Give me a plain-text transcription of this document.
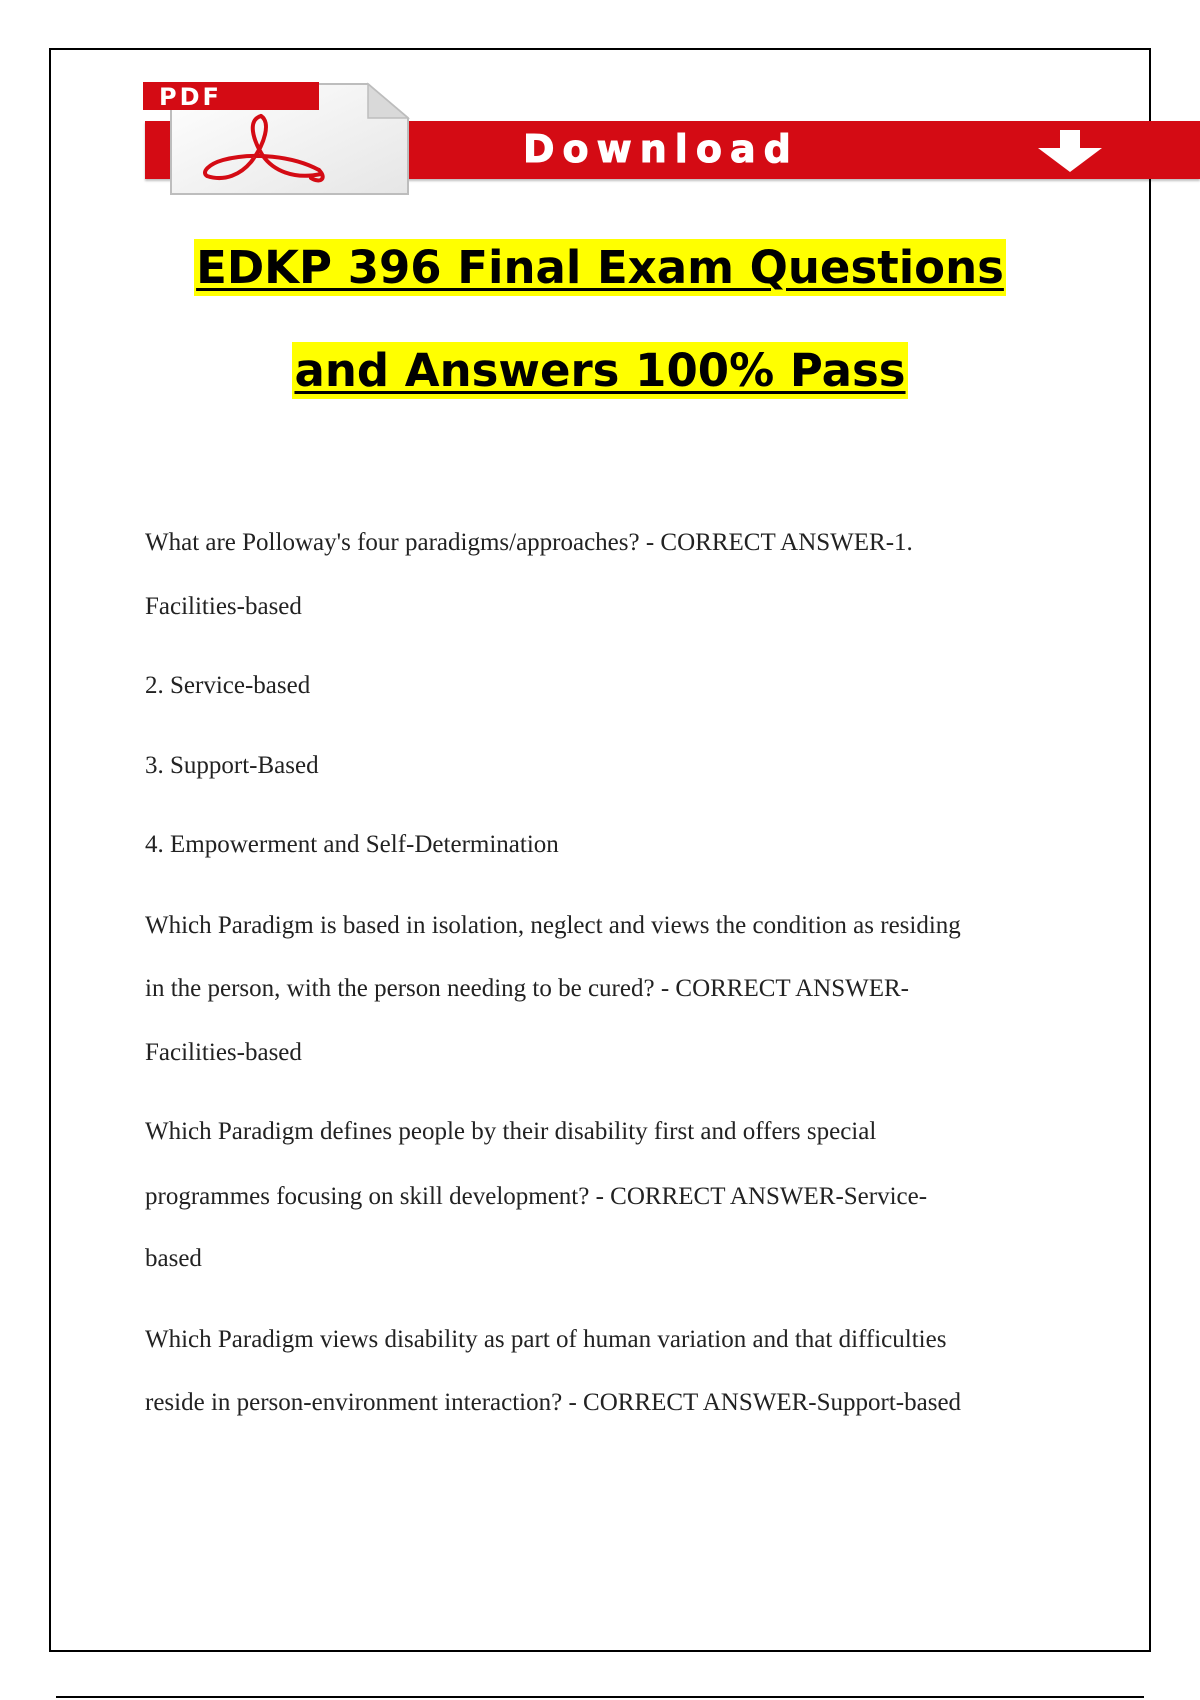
Download
PDF
EDKP 396 Final Exam Questions
and Answers 100% Pass
What are Polloway's four paradigms/approaches? - CORRECT ANSWER-1.
Facilities-based
2. Service-based
3. Support-Based
4. Empowerment and Self-Determination
Which Paradigm is based in isolation, neglect and views the condition as residing
in the person, with the person needing to be cured? - CORRECT ANSWER-
Facilities-based
Which Paradigm defines people by their disability first and offers special
programmes focusing on skill development? - CORRECT ANSWER-Service-
based
Which Paradigm views disability as part of human variation and that difficulties
reside in person-environment interaction? - CORRECT ANSWER-Support-based
